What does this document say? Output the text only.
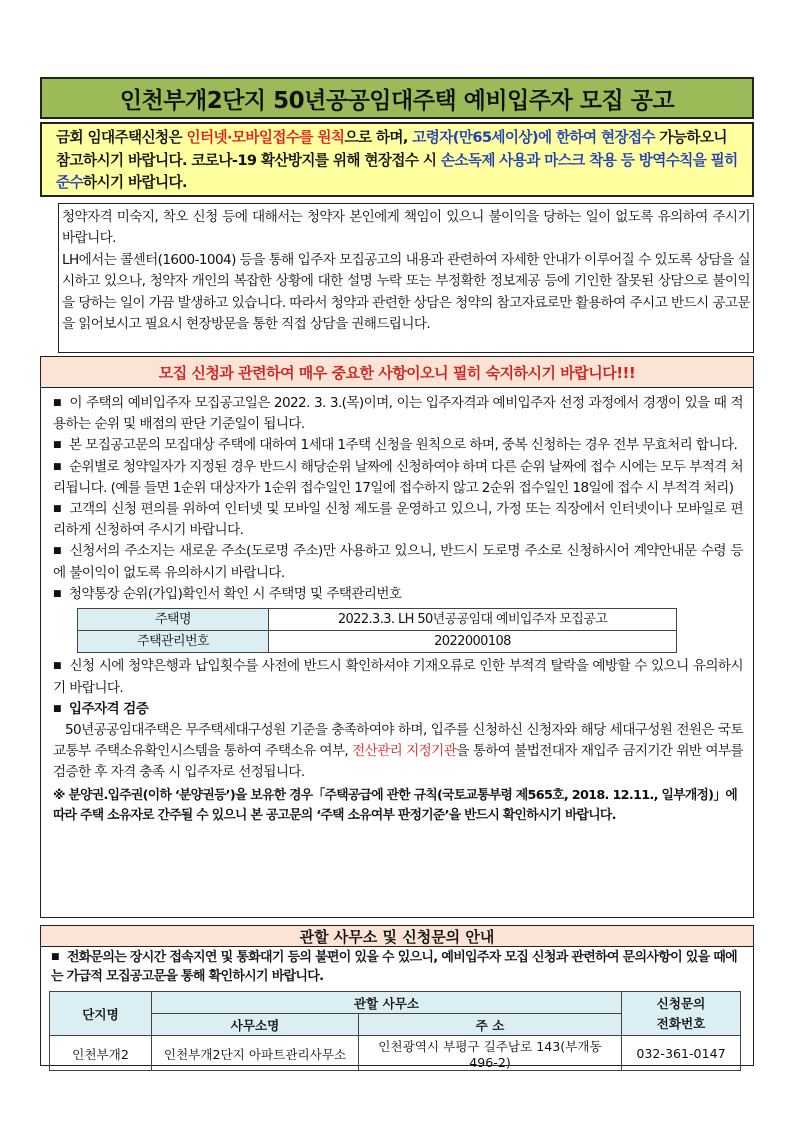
인천부개2단지 50년공공임대주택 예비입주자 모집 공고
금회 임대주택신청은 인터넷·모바일접수를 원칙으로 하며, 고령자(만65세이상)에 한하여 현장접수 가능하오니 참고하시기 바랍니다. 코로나-19 확산방지를 위해 현장접수 시 손소독제 사용과 마스크 착용 등 방역수칙을 필히 준수하시기 바랍니다.

청약자격 미숙지, 착오 신청 등에 대해서는 청약자 본인에게 책임이 있으니 불이익을 당하는 일이 없도록 유의하여 주시기 바랍니다.

LH에서는 콜센터(1600-1004) 등을 통해 입주자 모집공고의 내용과 관련하여 자세한 안내가 이루어질 수 있도록 상담을 실시하고 있으나, 청약자 개인의 복잡한 상황에 대한 설명 누락 또는 부정확한 정보제공 등에 기인한 잘못된 상담으로 불이익을 당하는 일이 가끔 발생하고 있습니다. 따라서 청약과 관련한 상담은 청약의 참고자료로만 활용하여 주시고 반드시 공고문을 읽어보시고 필요시 현장방문을 통한 직접 상담을 권해드립니다.

모집 신청과 관련하여 매우 중요한 사항이오니 필히 숙지하시기 바랍니다!!!

■ 이 주택의 예비입주자 모집공고일은 2022. 3. 3.(목)이며, 이는 입주자격과 예비입주자 선정 과정에서 경쟁이 있을 때 적용하는 순위 및 배점의 판단 기준일이 됩니다.

■ 본 모집공고문의 모집대상 주택에 대하여 1세대 1주택 신청을 원칙으로 하며, 중복 신청하는 경우 전부 무효처리 합니다.

■ 순위별로 청약일자가 지정된 경우 반드시 해당순위 날짜에 신청하여야 하며 다른 순위 날짜에 접수 시에는 모두 부적격 처리됩니다. (예를 들면 1순위 대상자가 1순위 접수일인 17일에 접수하지 않고 2순위 접수일인 18일에 접수 시 부적격 처리)

■ 고객의 신청 편의를 위하여 인터넷 및 모바일 신청 제도를 운영하고 있으니, 가정 또는 직장에서 인터넷이나 모바일로 편리하게 신청하여 주시기 바랍니다.

■ 신청서의 주소지는 새로운 주소(도로명 주소)만 사용하고 있으니, 반드시 도로명 주소로 신청하시어 계약안내문 수령 등에 불이익이 없도록 유의하시기 바랍니다.

■ 청약통장 순위(가입)확인서 확인 시 주택명 및 주택관리번호

주택명	2022.3.3. LH 50년공공임대 예비입주자 모집공고
주택관리번호	2022000108

■ 신청 시에 청약은행과 납입횟수를 사전에 반드시 확인하셔야 기재오류로 인한 부적격 탈락을 예방할 수 있으니 유의하시기 바랍니다.

■ 입주자격 검증

50년공공임대주택은 무주택세대구성원 기준을 충족하여야 하며, 입주를 신청하신 신청자와 해당 세대구성원 전원은 국토교통부 주택소유확인시스템을 통하여 주택소유 여부, 전산관리 지정기관을 통하여 불법전대자 재입주 금지기간 위반 여부를 검증한 후 자격 충족 시 입주자로 선정됩니다.

※ 분양권.입주권(이하 ‘분양권등’)을 보유한 경우「주택공급에 관한 규칙(국토교통부령 제565호, 2018. 12.11., 일부개정)」에 따라 주택 소유자로 간주될 수 있으니 본 공고문의 ‘주택 소유여부 판정기준’을 반드시 확인하시기 바랍니다.

관할 사무소 및 신청문의 안내

■ 전화문의는 장시간 접속지연 및 통화대기 등의 불편이 있을 수 있으니, 예비입주자 모집 신청과 관련하여 문의사항이 있을 때에는 가급적 모집공고문을 통해 확인하시기 바랍니다.

단지명	관할 사무소		신청문의
전화번호
	사무소명	주 소	
인천부개2	인천부개2단지 아파트관리사무소	인천광역시 부평구 길주남로 143(부개동 496-2)	032-361-0147
